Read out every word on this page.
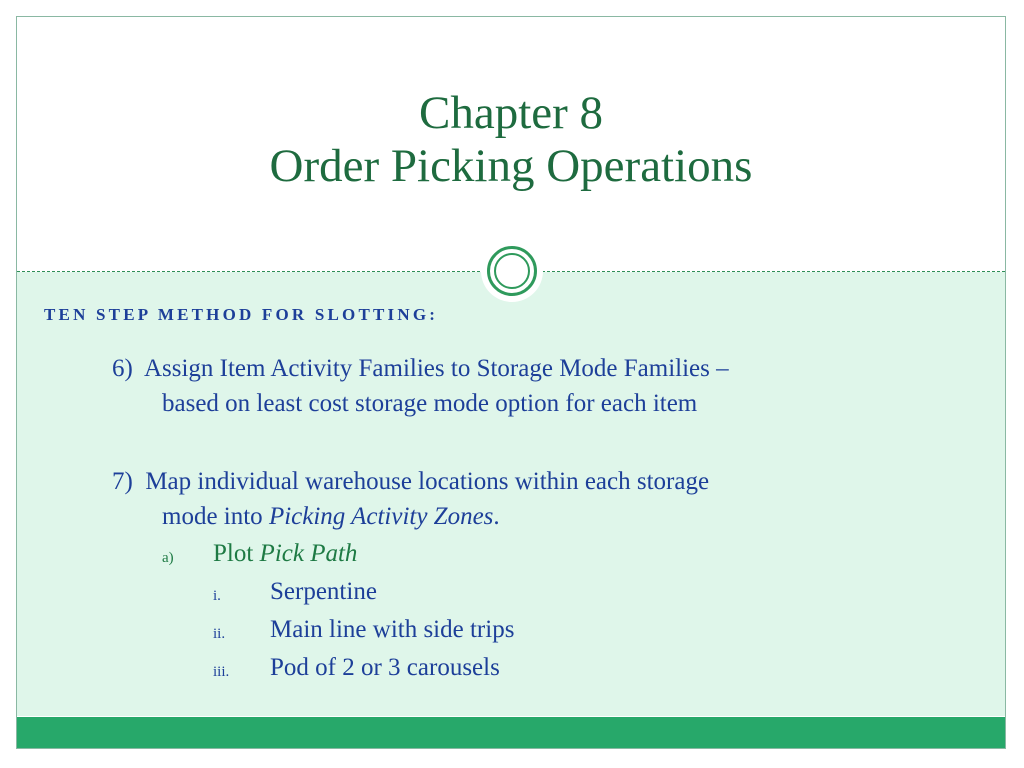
Chapter 8
Order Picking Operations
TEN STEP METHOD FOR SLOTTING:
6) Assign Item Activity Families to Storage Mode Families –
based on least cost storage mode option for each item
7) Map individual warehouse locations within each storage
mode into Picking Activity Zones.
a) Plot Pick Path
i. Serpentine
ii. Main line with side trips
iii. Pod of 2 or 3 carousels
